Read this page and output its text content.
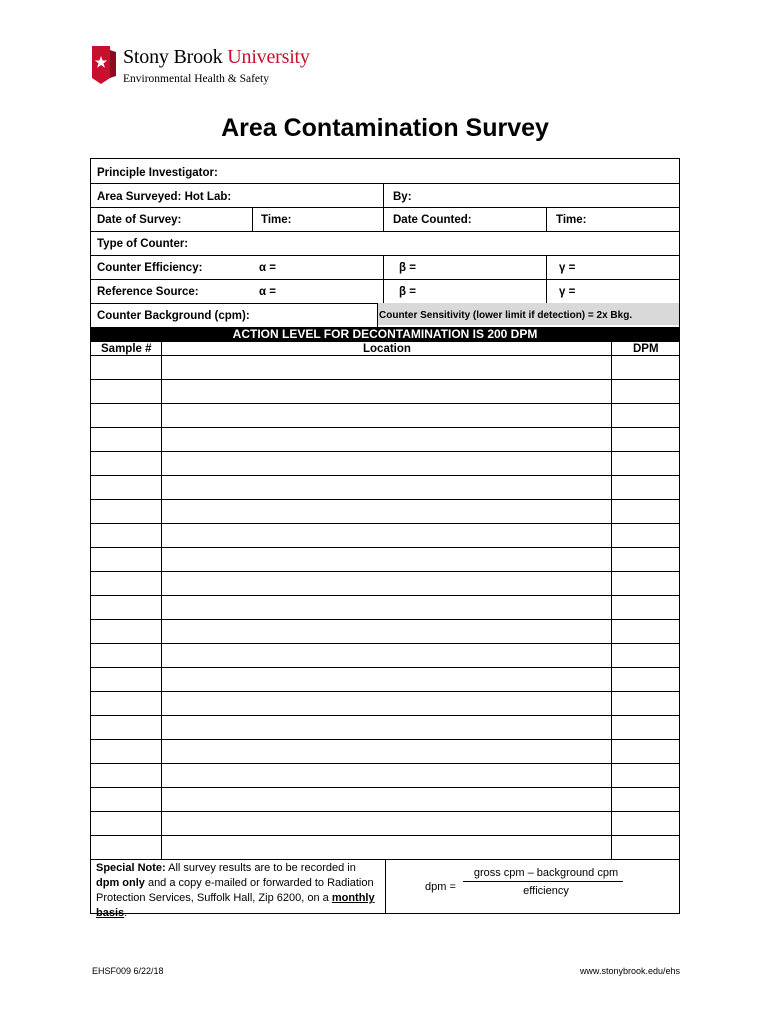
Stony Brook University
Environmental Health & Safety
Area Contamination Survey
Principle Investigator:
Area Surveyed: Hot Lab:	By:
Date of Survey:	Time:	Date Counted:	Time:
Type of Counter:
Counter Efficiency:	α =	β =	γ =
Reference Source:	α =	β =	γ =
Counter Background (cpm):	Counter Sensitivity (lower limit if detection) = 2x Bkg.
ACTION LEVEL FOR DECONTAMINATION IS 200 DPM
Sample #	Location	DPM
Special Note: All survey results are to be recorded in dpm only and a copy e-mailed or forwarded to Radiation Protection Services, Suffolk Hall, Zip 6200, on a monthly basis.
dpm =
gross cpm – background cpm
efficiency
EHSF009 6/22/18	www.stonybrook.edu/ehs
